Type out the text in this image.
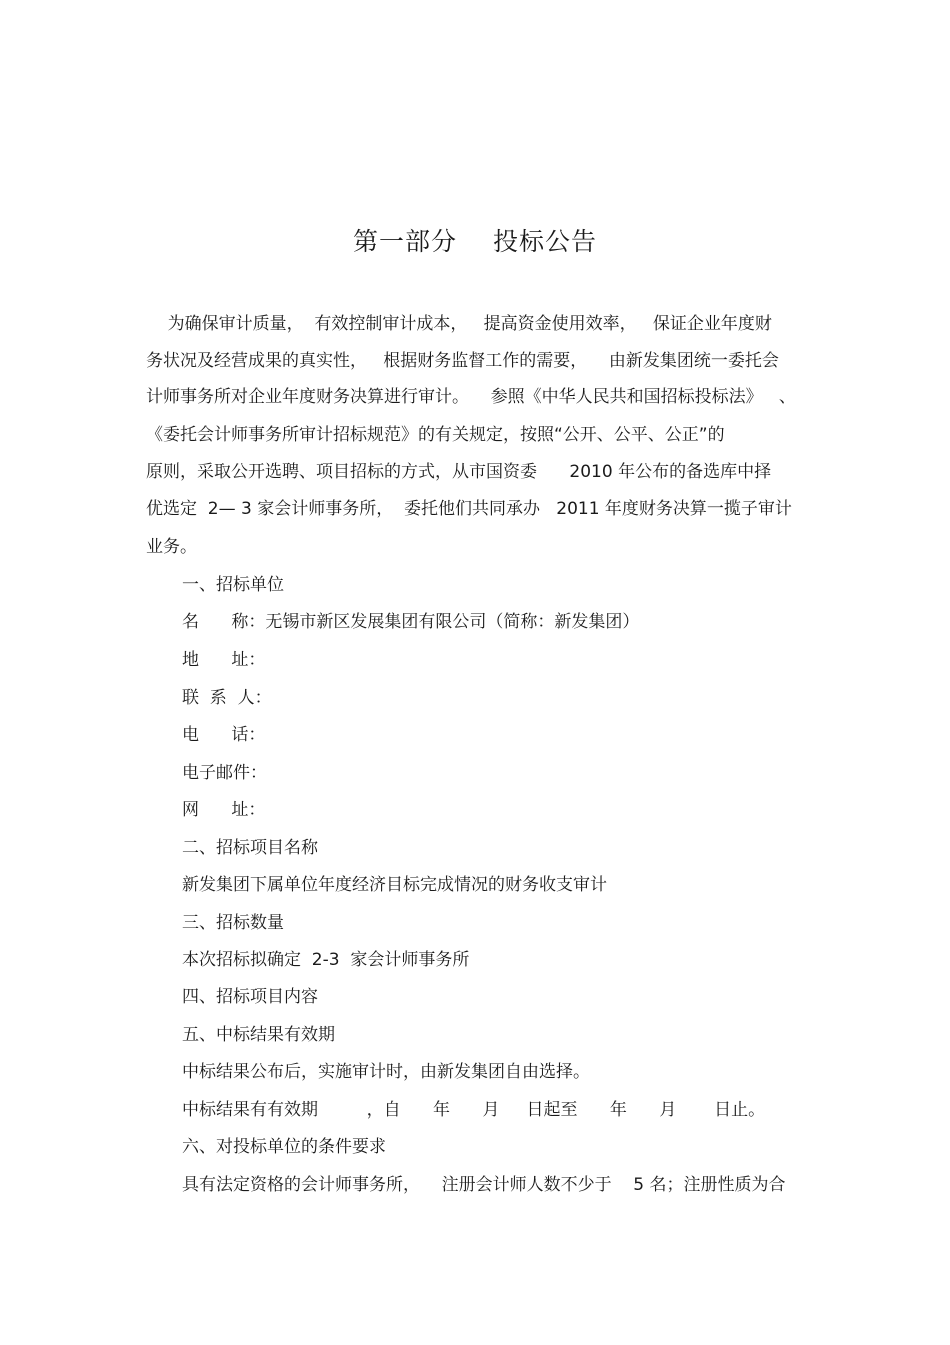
第一部分 投标公告
为确保审计质量，  有效控制审计成本，   提高资金使用效率，   保证企业年度财
务状况及经营成果的真实性，   根据财务监督工作的需要，    由新发集团统一委托会
计师事务所对企业年度财务决算进行审计。    参照《中华人民共和国招标投标法》   、
《委托会计师事务所审计招标规范》的有关规定，按照“公开、公平、公正”的
原则，采取公开选聘、项目招标的方式，从市国资委      2010 年公布的备选库中择
优选定  2— 3 家会计师事务所，  委托他们共同承办   2011 年度财务决算一揽子审计
业务。
一、招标单位
名      称：无锡市新区发展集团有限公司（简称：新发集团）
地      址：
联  系  人：
电      话：
电子邮件：
网      址：
二、招标项目名称
新发集团下属单位年度经济目标完成情况的财务收支审计
三、招标数量
本次招标拟确定  2-3  家会计师事务所
四、招标项目内容
五、中标结果有效期
中标结果公布后，实施审计时，由新发集团自由选择。
中标结果有有效期         ，自      年      月     日起至      年      月       日止。
六、对投标单位的条件要求
具有法定资格的会计师事务所，    注册会计师人数不少于    5 名；注册性质为合
